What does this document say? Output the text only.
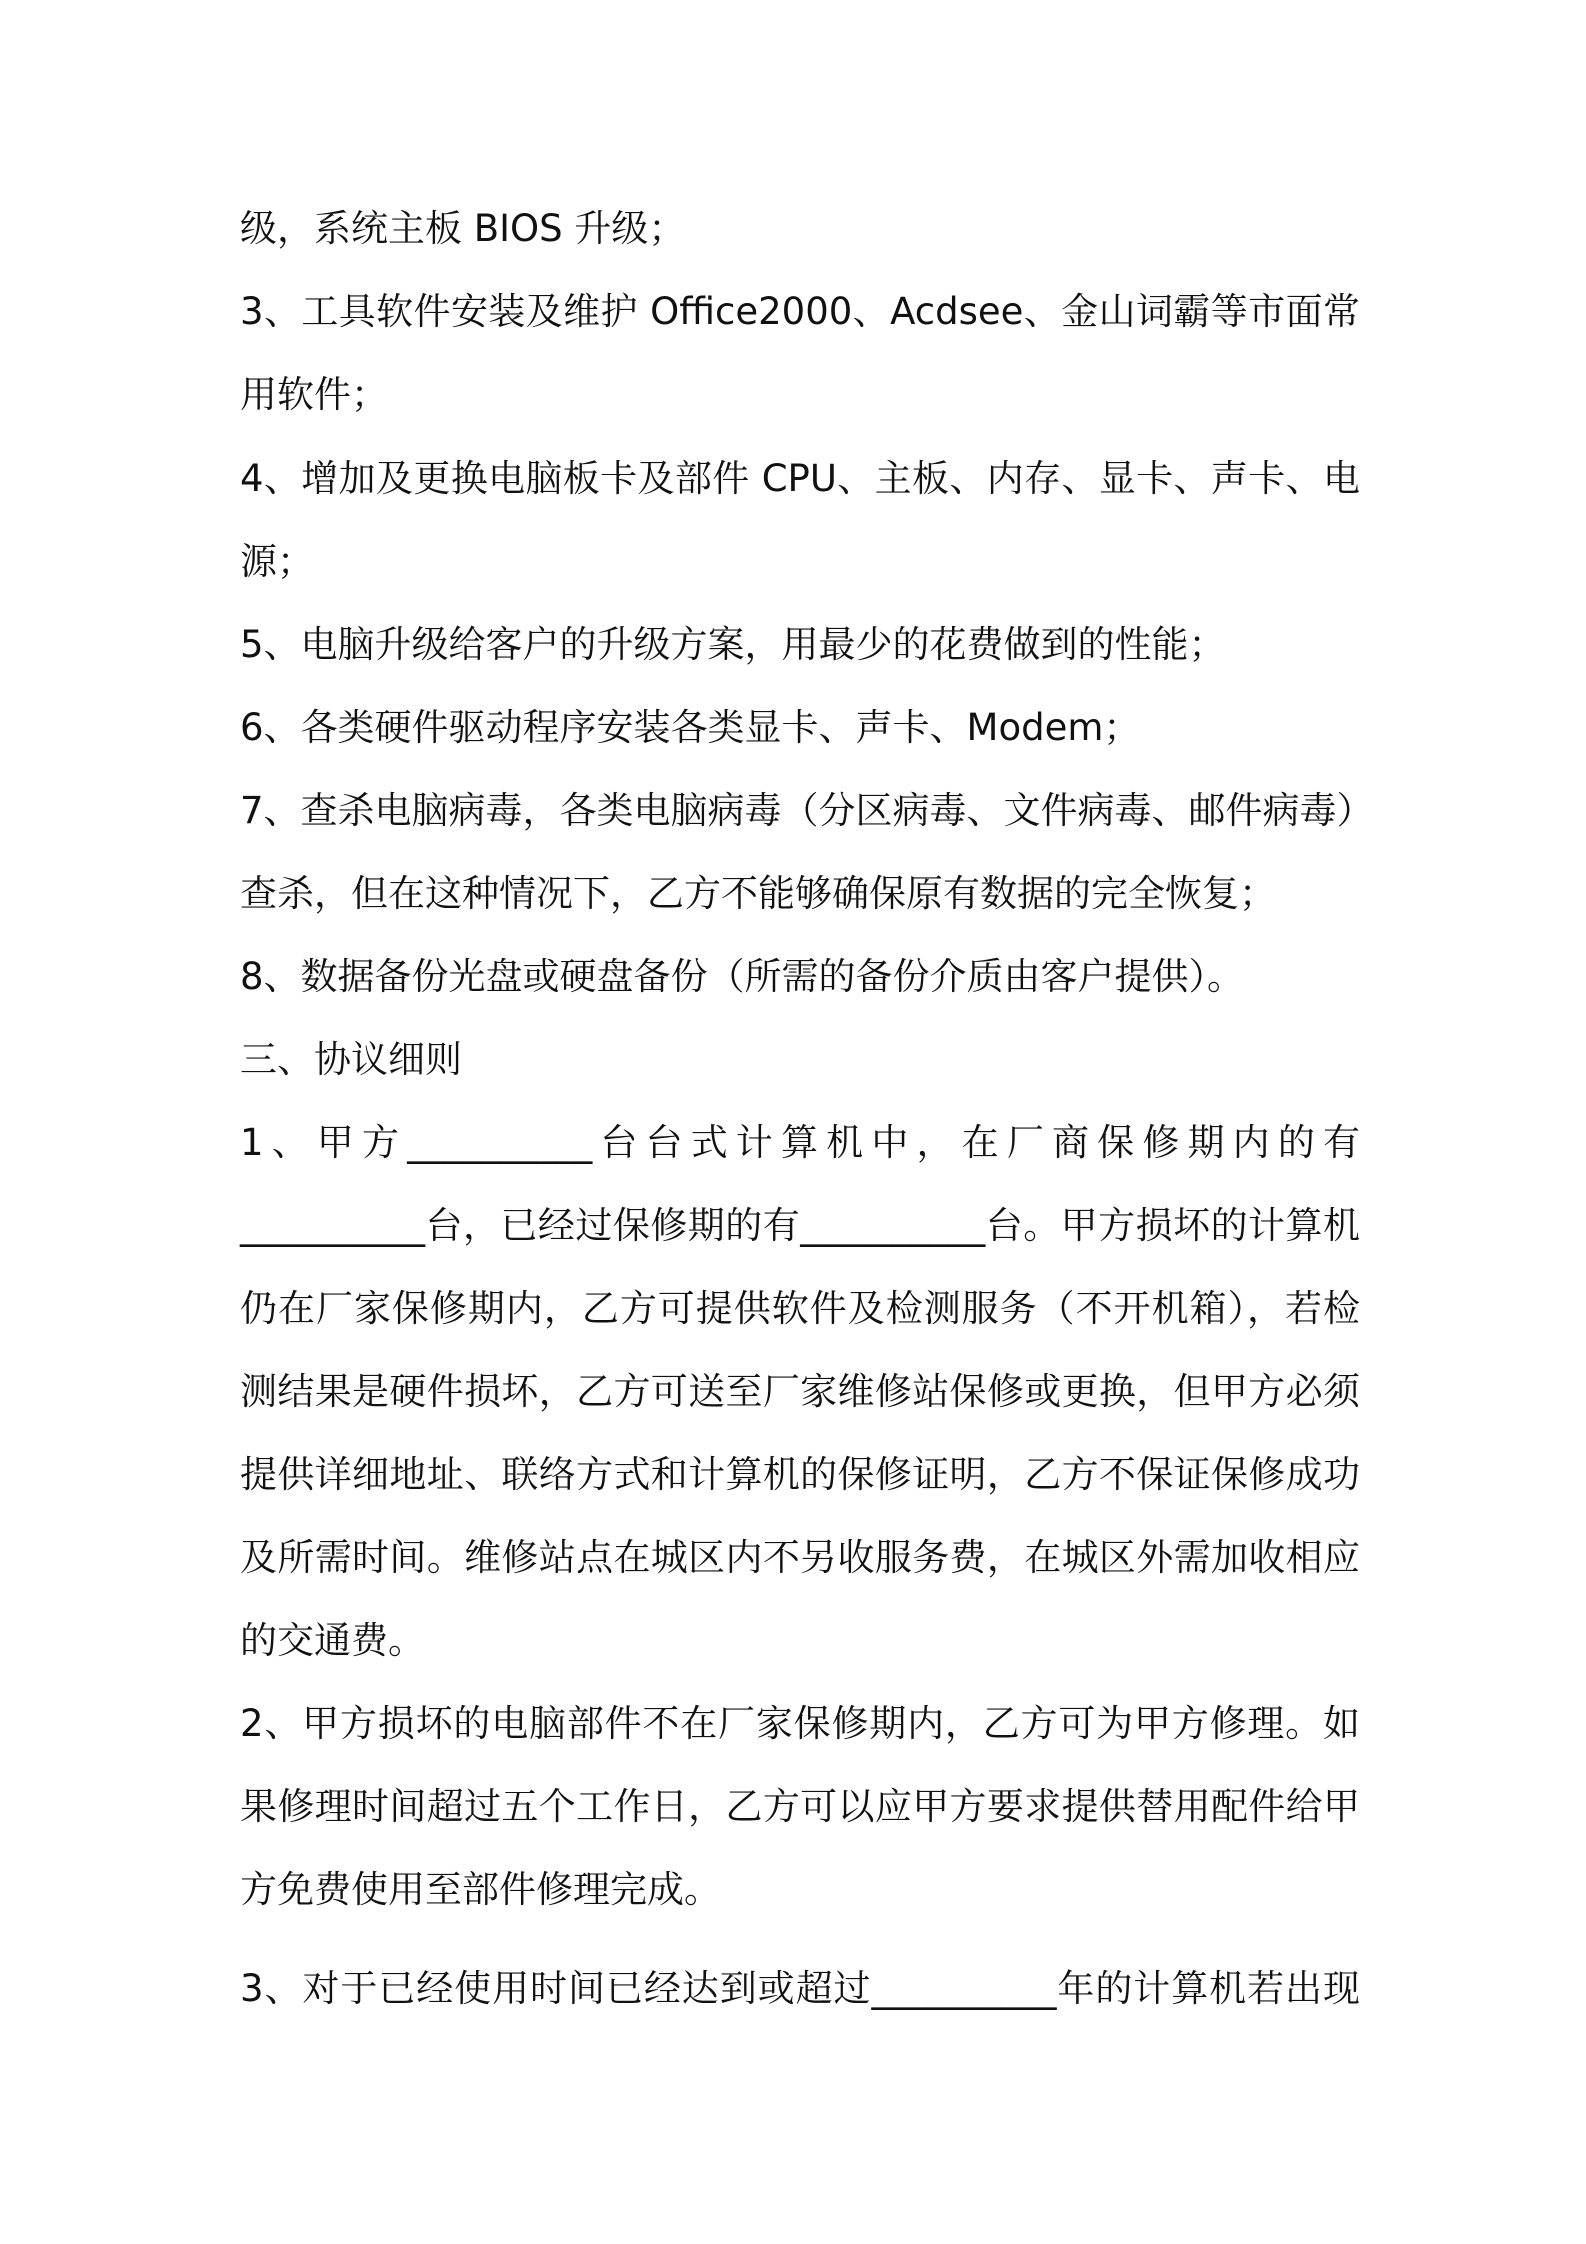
级，系统主板 BIOS 升级；
3、工具软件安装及维护 Office2000、Acdsee、金山词霸等市面常
用软件；
4、增加及更换电脑板卡及部件 CPU、主板、内存、显卡、声卡、电
源；
5、电脑升级给客户的升级方案，用最少的花费做到的性能；
6、各类硬件驱动程序安装各类显卡、声卡、Modem；
7、查杀电脑病毒，各类电脑病毒（分区病毒、文件病毒、邮件病毒）
查杀，但在这种情况下，乙方不能够确保原有数据的完全恢复；
8、数据备份光盘或硬盘备份（所需的备份介质由客户提供）。
三、协议细则
1、甲方__________台台式计算机中，在厂商保修期内的有
__________台，已经过保修期的有__________台。甲方损坏的计算机
仍在厂家保修期内，乙方可提供软件及检测服务（不开机箱），若检
测结果是硬件损坏，乙方可送至厂家维修站保修或更换，但甲方必须
提供详细地址、联络方式和计算机的保修证明，乙方不保证保修成功
及所需时间。维修站点在城区内不另收服务费，在城区外需加收相应
的交通费。
2、甲方损坏的电脑部件不在厂家保修期内，乙方可为甲方修理。如
果修理时间超过五个工作日，乙方可以应甲方要求提供替用配件给甲
方免费使用至部件修理完成。
3、对于已经使用时间已经达到或超过__________年的计算机若出现
